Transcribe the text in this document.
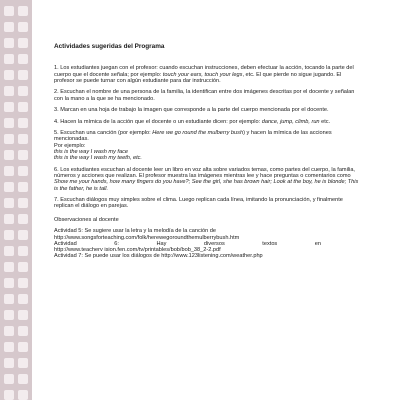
Actividades sugeridas del Programa

1. Los estudiantes juegan con el profesor: cuando escuchan instrucciones, deben efectuar la acción, tocando la parte del cuerpo que el docente señala; por ejemplo: touch your ears, touch your legs, etc. El que pierde no sigue jugando. El profesor se puede turnar con algún estudiante para dar instrucción.

2. Escuchan el nombre de una persona de la familia, la identifican entre dos imágenes descritas por el docente y señalan con la mano a la que se ha mencionado.

3. Marcan en una hoja de trabajo la imagen que corresponde a la parte del cuerpo mencionada por el docente.

4. Hacen la mímica de la acción que el docente o un estudiante dicen: por ejemplo: dance, jump, climb, run etc.

5. Escuchan una canción (por ejemplo: Here we go round the mulberry bush) y hacen la mímica de las acciones mencionadas.
Por ejemplo:
this is the way I wash my face
this is the way I wash my teeth, etc.

6. Los estudiantes escuchan al docente leer un libro en voz alta sobre variados temas, como partes del cuerpo, la familia, números y acciones que realizan. El profesor muestra las imágenes mientras lee y hace preguntas o comentarios como Show me your hands, how many fingers do you have?; See the girl, she has brown hair; Look at the boy, he is blonde; This is the father, he is tall.

7. Escuchan diálogos muy simples sobre el clima. Luego replican cada línea, imitando la pronunciación, y finalmente replican el diálogo en parejas.

Observaciones al docente

Actividad 5: Se sugiere usar la letra y la melodía de la canción de
http://www.songsforteaching.com/folk/herewegoroundthemulberrybush.htm
Actividad 6: Hay diversos textos en
http://www.teacherv ision.fen.com/tv/printables/bob/bob_38_2-2.pdf
Actividad 7: Se puede usar los diálogos de http://www.123listening.com/weather.php
